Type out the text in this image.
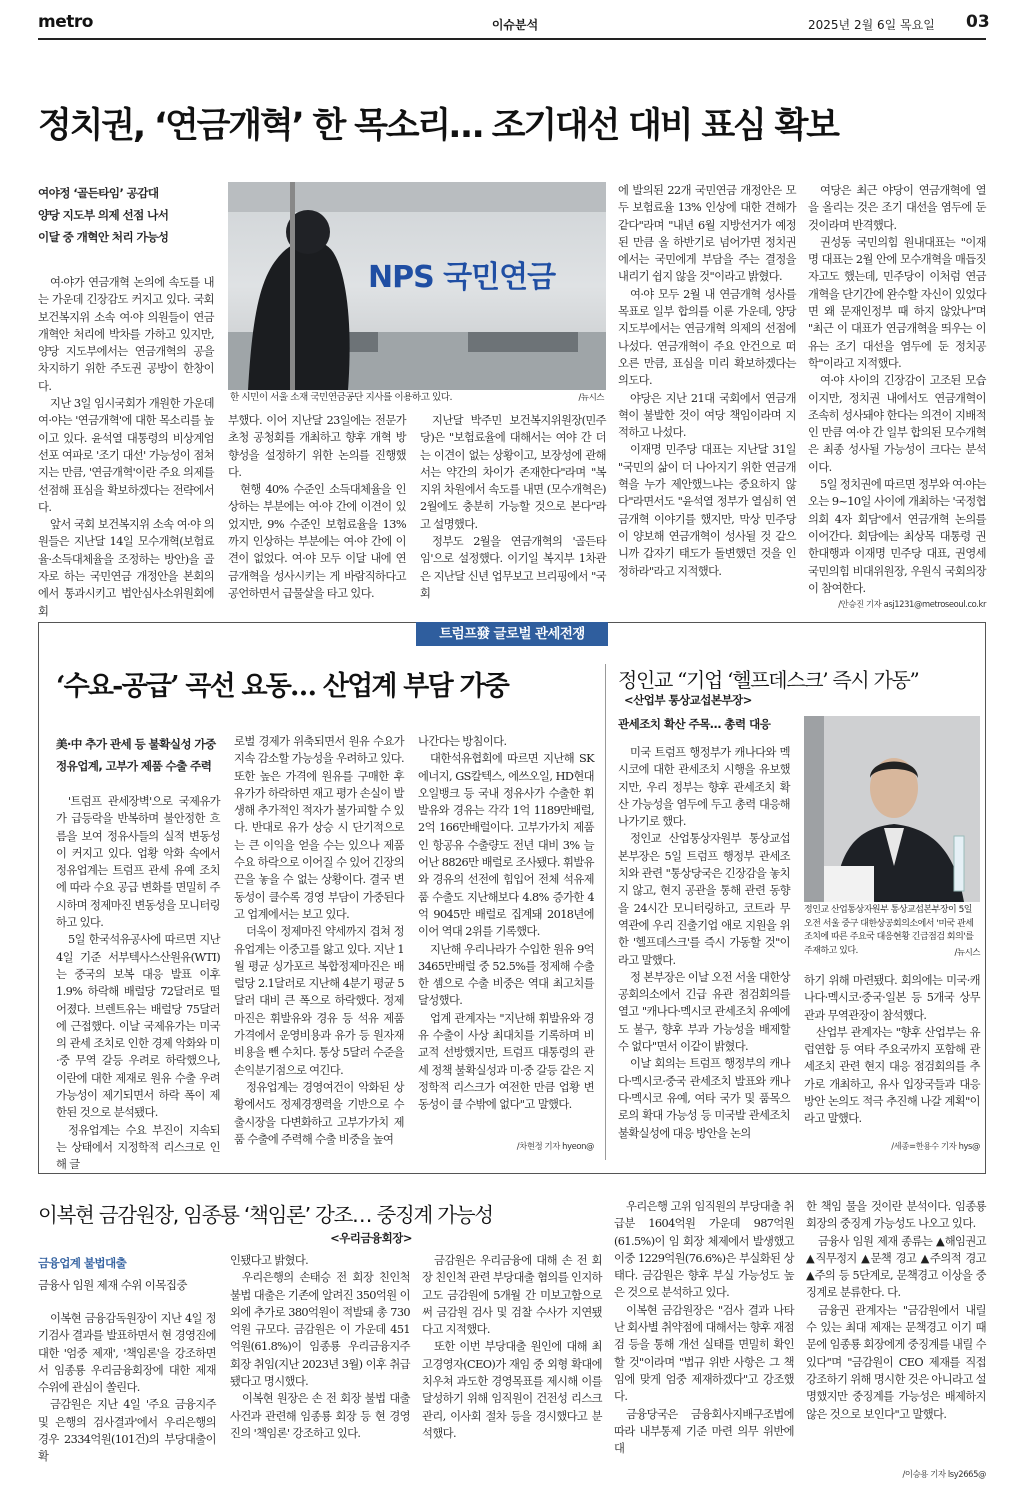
metro	이슈분석	2025년 2월 6일 목요일 03
정치권, ‘연금개혁’ 한 목소리… 조기대선 대비 표심 확보
여야정 ‘골든타임’ 공감대
양당 지도부 의제 선점 나서
이달 중 개혁안 처리 가능성

여·야가 연금개혁 논의에 속도를 내는 가운데 긴장감도 커지고 있다. 국회 보건복지위 소속 여·야 의원들이 연금개혁안 처리에 박차를 가하고 있지만, 양당 지도부에서는 연금개혁의 공을 차지하기 위한 주도권 공방이 한창이다.

지난 3일 임시국회가 개원한 가운데 여·야는 '연금개혁'에 대한 목소리를 높이고 있다. 윤석열 대통령의 비상계엄 선포 여파로 '조기 대선' 가능성이 점쳐지는 만큼, '연금개혁'이란 주요 의제를 선점해 표심을 확보하겠다는 전략에서다.

앞서 국회 보건복지위 소속 여·야 의원들은 지난달 14일 모수개혁(보험료율·소득대체율을 조정하는 방안)을 골자로 하는 국민연금 개정안을 본회의에서 통과시키고 법안심사소위원회에 회

NPS 국민연금
한 시민이 서울 소재 국민연금공단 지사를 이용하고 있다.	/뉴시스

부했다. 이어 지난달 23일에는 전문가 초청 공청회를 개최하고 향후 개혁 방향성을 설정하기 위한 논의를 진행했다.

현행 40% 수준인 소득대체율을 인상하는 부분에는 여·야 간에 이견이 있었지만, 9% 수준인 보험료율을 13%까지 인상하는 부분에는 여·야 간에 이견이 없었다. 여·야 모두 이달 내에 연금개혁을 성사시키는 게 바람직하다고 공언하면서 급물살을 타고 있다.

지난달 박주민 보건복지위원장(민주당)은 "보험료율에 대해서는 여야 간 더는 이견이 없는 상황이고, 보장성에 관해서는 약간의 차이가 존재한다"라며 "복지위 차원에서 속도를 내면 (모수개혁은) 2월에도 충분히 가능할 것으로 본다"라고 설명했다.

정부도 2월을 연금개혁의 '골든타임'으로 설정했다. 이기일 복지부 1차관은 지난달 신년 업무보고 브리핑에서 "국회

에 발의된 22개 국민연금 개정안은 모두 보험료율 13% 인상에 대한 견해가 같다"라며 "내년 6월 지방선거가 예정된 만큼 올 하반기로 넘어가면 정치권에서는 국민에게 부담을 주는 결정을 내리기 쉽지 않을 것"이라고 밝혔다.

여·야 모두 2월 내 연금개혁 성사를 목표로 일부 합의를 이룬 가운데, 양당 지도부에서는 연금개혁 의제의 선점에 나섰다. 연금개혁이 주요 안건으로 떠오른 만큼, 표심을 미리 확보하겠다는 의도다.

야당은 지난 21대 국회에서 연금개혁이 불발한 것이 여당 책임이라며 지적하고 나섰다.

이재명 민주당 대표는 지난달 31일 "국민의 삶이 더 나아지기 위한 연금개혁을 누가 제안했느냐는 중요하지 않다"라면서도 "윤석열 정부가 열심히 연금개혁 이야기를 했지만, 막상 민주당이 양보해 연금개혁이 성사될 것 같으니까 갑자기 태도가 돌변했던 것을 인정하라"라고 지적했다.

여당은 최근 야당이 연금개혁에 열을 올리는 것은 조기 대선을 염두에 둔 것이라며 반격했다.

권성동 국민의힘 원내대표는 "이재명 대표는 2월 안에 모수개혁을 매듭짓자고도 했는데, 민주당이 이처럼 연금개혁을 단기간에 완수할 자신이 있었다면 왜 문재인정부 때 하지 않았나"며 "최근 이 대표가 연금개혁을 띄우는 이유는 조기 대선을 염두에 둔 정치공학"이라고 지적했다.

여·야 사이의 긴장감이 고조된 모습이지만, 정치권 내에서도 연금개혁이 조속히 성사돼야 한다는 의견이 지배적인 만큼 여·야 간 일부 합의된 모수개혁은 최종 성사될 가능성이 크다는 분석이다.

5일 정치권에 따르면 정부와 여·야는 오는 9~10일 사이에 개최하는 '국정협의회 4자 회담'에서 연금개혁 논의를 이어간다. 회담에는 최상목 대통령 권한대행과 이재명 민주당 대표, 권영세 국민의힘 비대위원장, 우원식 국회의장이 참여한다.

/안승진 기자 asj1231@metroseoul.co.kr
트럼프發 글로벌 관세전쟁
‘수요-공급’ 곡선 요동… 산업계 부담 가중
美·中 추가 관세 등 불확실성 가중
정유업계, 고부가 제품 수출 주력

'트럼프 관세장벽'으로 국제유가가 급등락을 반복하며 불안정한 흐름을 보여 정유사들의 실적 변동성이 커지고 있다. 업황 악화 속에서 정유업계는 트럼프 관세 유예 조치에 따라 수요 공급 변화를 면밀히 주시하며 정제마진 변동성을 모니터링하고 있다.

5일 한국석유공사에 따르면 지난 4일 기준 서부텍사스산원유(WTI)는 중국의 보복 대응 발표 이후 1.9% 하락해 배럴당 72달러로 떨어졌다. 브렌트유는 배럴당 75달러에 근접했다. 이날 국제유가는 미국의 관세 조치로 인한 경제 악화와 미·중 무역 갈등 우려로 하락했으나, 이란에 대한 제재로 원유 수출 우려 가능성이 제기되면서 하락 폭이 제한된 것으로 분석됐다.

정유업계는 수요 부진이 지속되는 상태에서 지정학적 리스크로 인해 글

로벌 경제가 위축되면서 원유 수요가 지속 감소할 가능성을 우려하고 있다. 또한 높은 가격에 원유를 구매한 후 유가가 하락하면 재고 평가 손실이 발생해 추가적인 적자가 불가피할 수 있다. 반대로 유가 상승 시 단기적으로는 큰 이익을 얻을 수는 있으나 제품 수요 하락으로 이어질 수 있어 긴장의 끈을 놓을 수 없는 상황이다. 결국 변동성이 클수록 경영 부담이 가중된다고 업계에서는 보고 있다.

더욱이 정제마진 약세까지 겹쳐 정유업계는 이중고를 앓고 있다. 지난 1월 평균 싱가포르 복합정제마진은 배럴당 2.1달러로 지난해 4분기 평균 5달러 대비 큰 폭으로 하락했다. 정제마진은 휘발유와 경유 등 석유 제품 가격에서 운영비용과 유가 등 원자재 비용을 뺀 수치다. 통상 5달러 수준을 손익분기점으로 여긴다.

정유업계는 경영여건이 악화된 상황에서도 정제경쟁력을 기반으로 수출시장을 다변화하고 고부가가치 제품 수출에 주력해 수출 비중을 높여

나간다는 방침이다.

대한석유협회에 따르면 지난해 SK에너지, GS칼텍스, 에쓰오일, HD현대오일뱅크 등 국내 정유사가 수출한 휘발유와 경유는 각각 1억 1189만배럴, 2억 166만배럴이다. 고부가가치 제품인 항공유 수출량도 전년 대비 3% 늘어난 8826만 배럴로 조사됐다. 휘발유와 경유의 선전에 힘입어 전체 석유제품 수출도 지난해보다 4.8% 증가한 4억 9045만 배럴로 집계돼 2018년에 이어 역대 2위를 기록했다.

지난해 우리나라가 수입한 원유 9억 3465만배럴 중 52.5%를 정제해 수출한 셈으로 수출 비중은 역대 최고치를 달성했다.

업계 관계자는 "지난해 휘발유와 경유 수출이 사상 최대치를 기록하며 비교적 선방했지만, 트럼프 대통령의 관세 정책 불확실성과 미·중 갈등 같은 지정학적 리스크가 여전한 만큼 업황 변동성이 클 수밖에 없다"고 말했다.

/차현정 기자 hyeon@
정인교 “기업 ‘헬프데스크’ 즉시 가동”
<산업부 통상교섭본부장>
관세조치 확산 주목… 총력 대응

미국 트럼프 행정부가 캐나다와 멕시코에 대한 관세조치 시행을 유보했지만, 우리 정부는 향후 관세조치 확산 가능성을 염두에 두고 총력 대응해나가기로 했다.

정인교 산업통상자원부 통상교섭본부장은 5일 트럼프 행정부 관세조치와 관련 "통상당국은 긴장감을 놓치지 않고, 현지 공관을 통해 관련 동향을 24시간 모니터링하고, 코트라 무역관에 우리 진출기업 애로 지원을 위한 '헬프데스크'를 즉시 가동할 것"이라고 말했다.

정 본부장은 이날 오전 서울 대한상공회의소에서 긴급 유관 점검회의를 열고 "캐나다·멕시코 관세조치 유예에도 불구, 향후 부과 가능성을 배제할 수 없다"면서 이같이 밝혔다.

이날 회의는 트럼프 행정부의 캐나다·멕시코·중국 관세조치 발표와 캐나다·멕시코 유예, 여타 국가 및 품목으로의 확대 가능성 등 미국발 관세조치 불확실성에 대응 방안을 논의

정인교 산업통상자원부 통상교섭본부장이 5일 오전 서울 중구 대한상공회의소에서 '미국 관세조치에 따른 주요국 대응현황 긴급점검 회의'를 주재하고 있다.	/뉴시스

하기 위해 마련됐다. 회의에는 미국·캐나다·멕시코·중국·일본 등 5개국 상무관과 무역관장이 참석했다.

산업부 관계자는 "향후 산업부는 유럽연합 등 여타 주요국까지 포함해 관세조치 관련 현지 대응 점검회의를 추가로 개최하고, 유사 입장국들과 대응방안 논의도 적극 추진해 나갈 계획"이라고 말했다.

/세종=한용수 기자 hys@
이복현 금감원장, 임종룡 ‘책임론’ 강조… 중징계 가능성
<우리금융회장>
금융업계 불법대출
금융사 임원 제재 수위 이목집중

이복현 금융감독원장이 지난 4일 정기검사 결과를 발표하면서 현 경영진에 대한 '엄중 제재', '책임론'을 강조하면서 임종룡 우리금융회장에 대한 제재 수위에 관심이 쏠린다.

금감원은 지난 4일 '주요 금융지주 및 은행의 검사결과'에서 우리은행의 경우 2334억원(101건)의 부당대출이 확

인됐다고 밝혔다.

우리은행의 손태승 전 회장 친인척 불법 대출은 기존에 알려진 350억원 이외에 추가로 380억원이 적발돼 총 730억원 규모다. 금감원은 이 가운데 451억원(61.8%)이 임종룡 우리금융지주 회장 취임(지난 2023년 3월) 이후 취급됐다고 명시했다.

이복현 원장은 손 전 회장 불법 대출 사건과 관련해 임종룡 회장 등 현 경영진의 '책임론' 강조하고 있다.

금감원은 우리금융에 대해 손 전 회장 친인척 관련 부당대출 혐의를 인지하고도 금감원에 5개월 간 미보고함으로써 금감원 검사 및 검찰 수사가 지연됐다고 지적했다.

또한 이번 부당대출 원인에 대해 최고경영자(CEO)가 재임 중 외형 확대에 치우쳐 과도한 경영목표를 제시해 이를 달성하기 위해 임직원이 건전성 리스크 관리, 이사회 절차 등을 경시했다고 분석했다.

우리은행 고위 임직원의 부당대출 취급분 1604억원 가운데 987억원(61.5%)이 임 회장 체제에서 발생했고 이중 1229억원(76.6%)은 부실화된 상태다. 금감원은 향후 부실 가능성도 높은 것으로 분석하고 있다.

이복현 금감원장은 "검사 결과 나타난 회사별 취약점에 대해서는 향후 재점검 등을 통해 개선 실태를 면밀히 확인할 것"이라며 "법규 위반 사항은 그 책임에 맞게 엄중 제재하겠다"고 강조했다.

금융당국은 금융회사지배구조법에 따라 내부통제 기준 마련 의무 위반에 대

한 책임 물을 것이란 분석이다. 임종룡 회장의 중징계 가능성도 나오고 있다.

금융사 임원 제재 종류는 ▲해임권고 ▲직무정지 ▲문책 경고 ▲주의적 경고 ▲주의 등 5단계로, 문책경고 이상을 중징계로 분류한다. 다.

금융권 관계자는 "금감원에서 내릴 수 있는 최대 제재는 문책경고 이기 때문에 임종룡 회장에게 중징계를 내릴 수 있다"며 "금감원이 CEO 제재를 직접 강조하기 위해 명시한 것은 아니라고 설명했지만 중징계를 가능성은 배제하지 않은 것으로 보인다"고 말했다.

/이승용 기자 lsy2665@
